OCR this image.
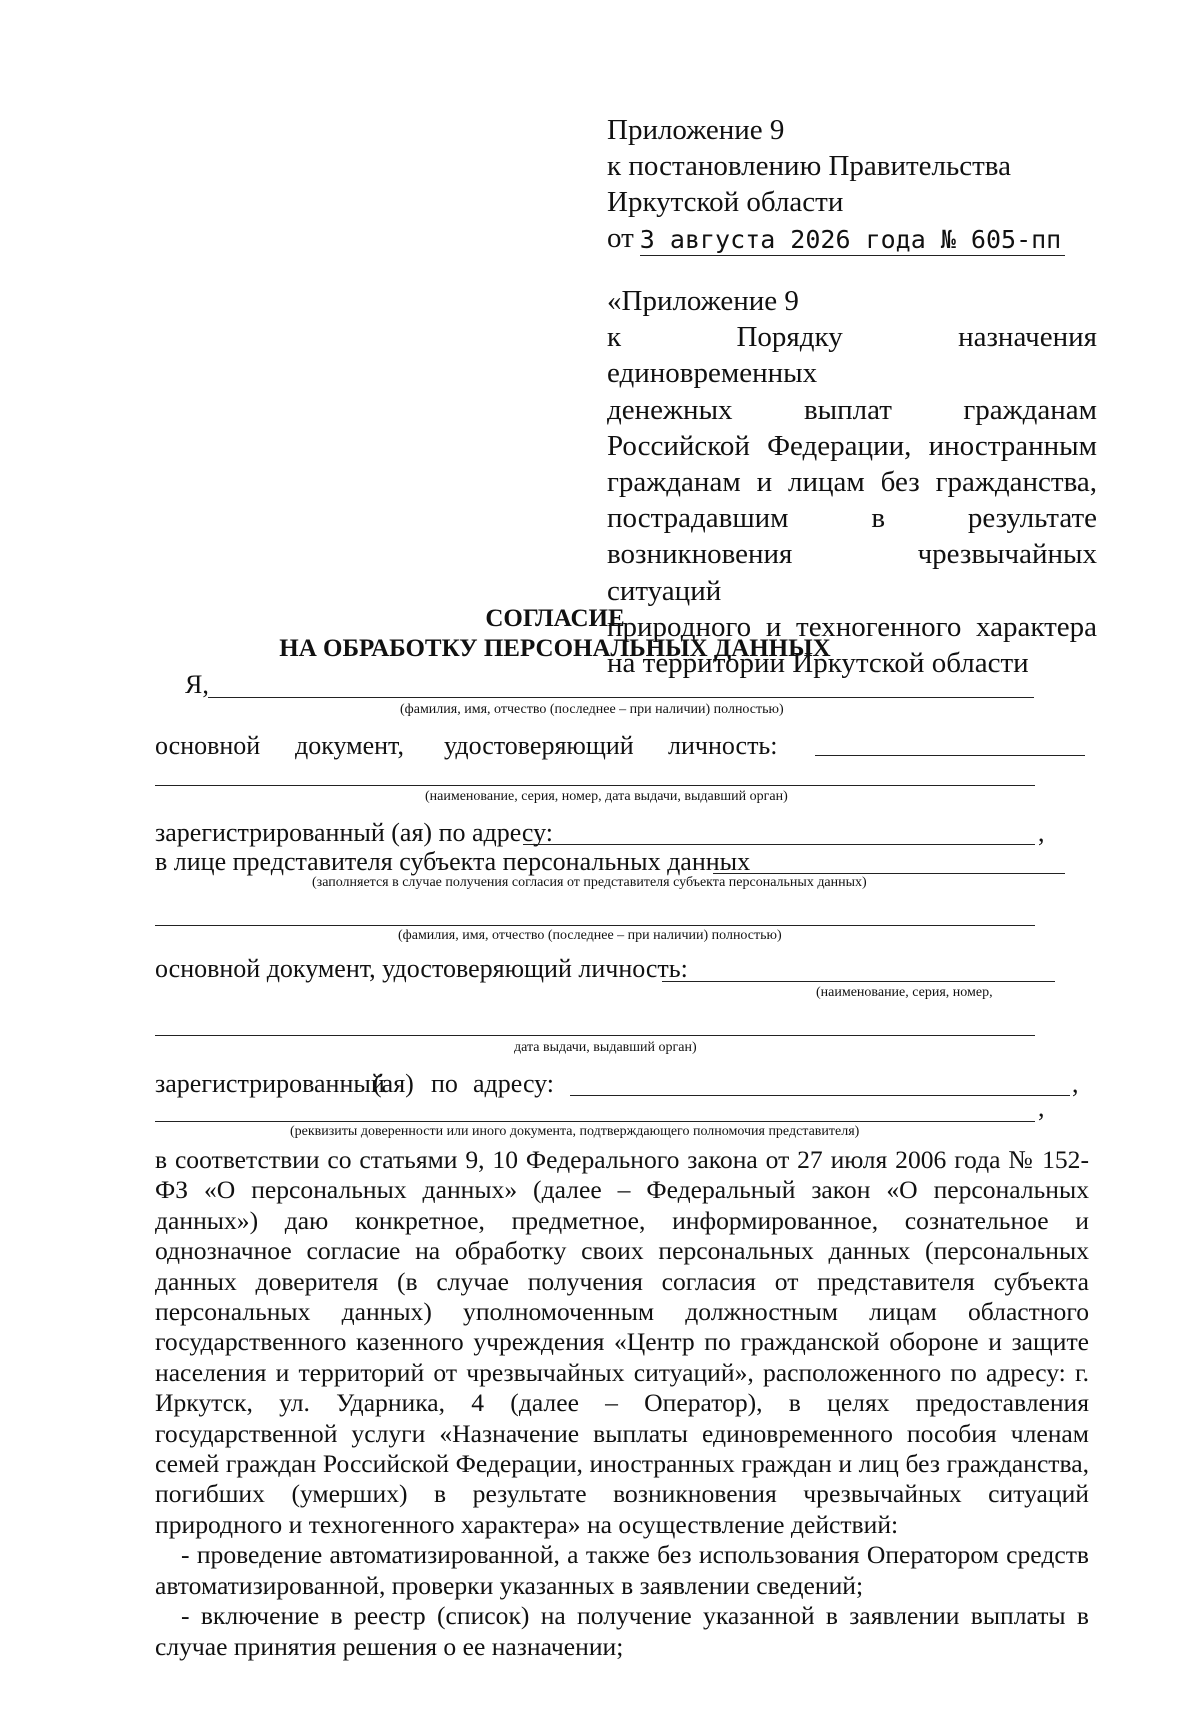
Приложение 9
к постановлению Правительства
Иркутской области
от 3 августа 2026 года № 605-пп
«Приложение 9
к Порядку назначения единовременных
денежных выплат гражданам
Российской Федерации, иностранным
гражданам и лицам без гражданства,
пострадавшим в результате
возникновения чрезвычайных ситуаций
природного и техногенного характера
на территории Иркутской области
СОГЛАСИЕ
НА ОБРАБОТКУ ПЕРСОНАЛЬНЫХ ДАННЫХ
Я,
(фамилия, имя, отчество (последнее – при наличии) полностью)
основной документ, удостоверяющий личность:
(наименование, серия, номер, дата выдачи, выдавший орган)
зарегистрированный (ая) по адресу:	,
в лице представителя субъекта персональных данных
(заполняется в случае получения согласия от представителя субъекта персональных данных)
(фамилия, имя, отчество (последнее – при наличии) полностью)
основной документ, удостоверяющий личность:
(наименование, серия, номер,
дата выдачи, выдавший орган)
зарегистрированный
(ая) по адресу:	,
,
(реквизиты доверенности или иного документа, подтверждающего полномочия представителя)

в соответствии со статьями 9, 10 Федерального закона от 27 июля 2006 года № 152-ФЗ «О персональных данных» (далее – Федеральный закон «О персональных данных») даю конкретное, предметное, информированное, сознательное и однозначное согласие на обработку своих персональных данных (персональных данных доверителя (в случае получения согласия от представителя субъекта персональных данных) уполномоченным должностным лицам областного государственного казенного учреждения «Центр по гражданской обороне и защите населения и территорий от чрезвычайных ситуаций», расположенного по адресу: г. Иркутск, ул. Ударника, 4 (далее – Оператор), в целях предоставления государственной услуги «Назначение выплаты единовременного пособия членам семей граждан Российской Федерации, иностранных граждан и лиц без гражданства, погибших (умерших) в результате возникновения чрезвычайных ситуаций природного и техногенного характера» на осуществление действий:

- проведение автоматизированной, а также без использования Оператором средств автоматизированной, проверки указанных в заявлении сведений;

- включение в реестр (список) на получение указанной в заявлении выплаты в случае принятия решения о ее назначении;
